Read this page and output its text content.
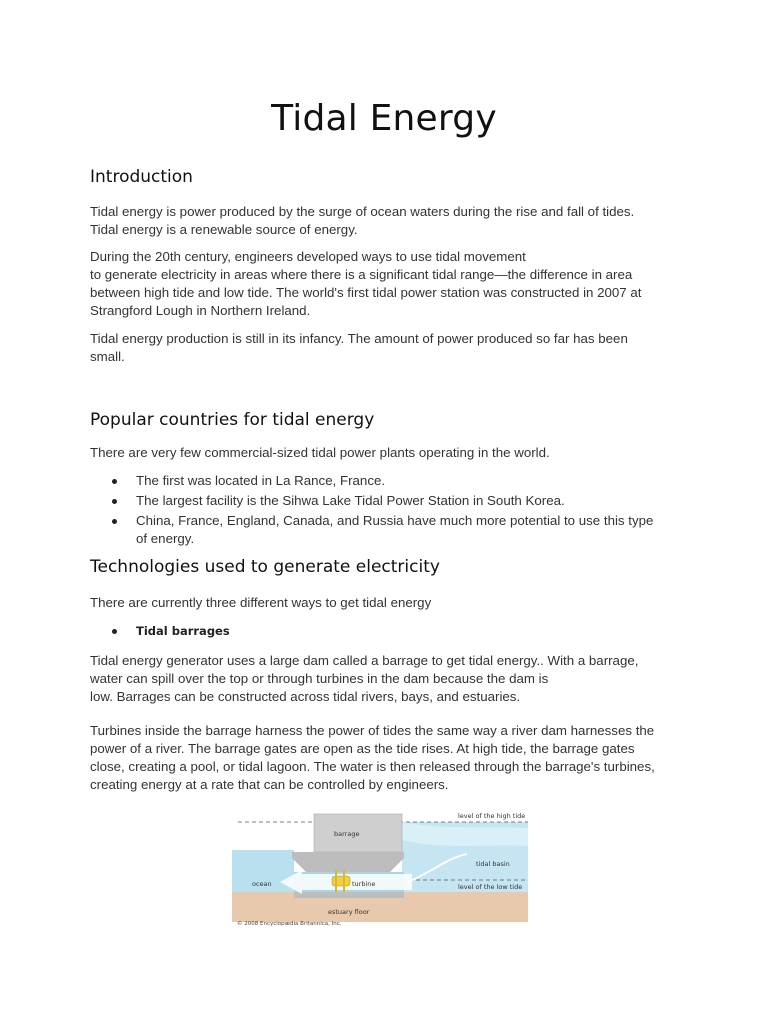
Tidal Energy
Introduction

Tidal energy is power produced by the surge of ocean waters during the rise and fall of tides.
Tidal energy is a renewable source of energy.

During the 20th century, engineers developed ways to use tidal movement
to generate electricity in areas where there is a significant tidal range—the difference in area
between high tide and low tide. The world's first tidal power station was constructed in 2007 at
Strangford Lough in Northern Ireland.

Tidal energy production is still in its infancy. The amount of power produced so far has been
small.

Popular countries for tidal energy

There are very few commercial-sized tidal power plants operating in the world.

The first was located in La Rance, France.
The largest facility is the Sihwa Lake Tidal Power Station in South Korea.
China, France, England, Canada, and Russia have much more potential to use this type
of energy.
Technologies used to generate electricity

There are currently three different ways to get tidal energy

Tidal barrages

Tidal energy generator uses a large dam called a barrage to get tidal energy.. With a barrage,
water can spill over the top or through turbines in the dam because the dam is
low. Barrages can be constructed across tidal rivers, bays, and estuaries.

Turbines inside the barrage harness the power of tides the same way a river dam harnesses the
power of a river. The barrage gates are open as the tide rises. At high tide, the barrage gates
close, creating a pool, or tidal lagoon. The water is then released through the barrage's turbines,
creating energy at a rate that can be controlled by engineers.

level of the high tide
barrage
tidal basin
ocean	turbine	level of the low tide
estuary floor
© 2008 Encyclopædia Britannica, Inc.
